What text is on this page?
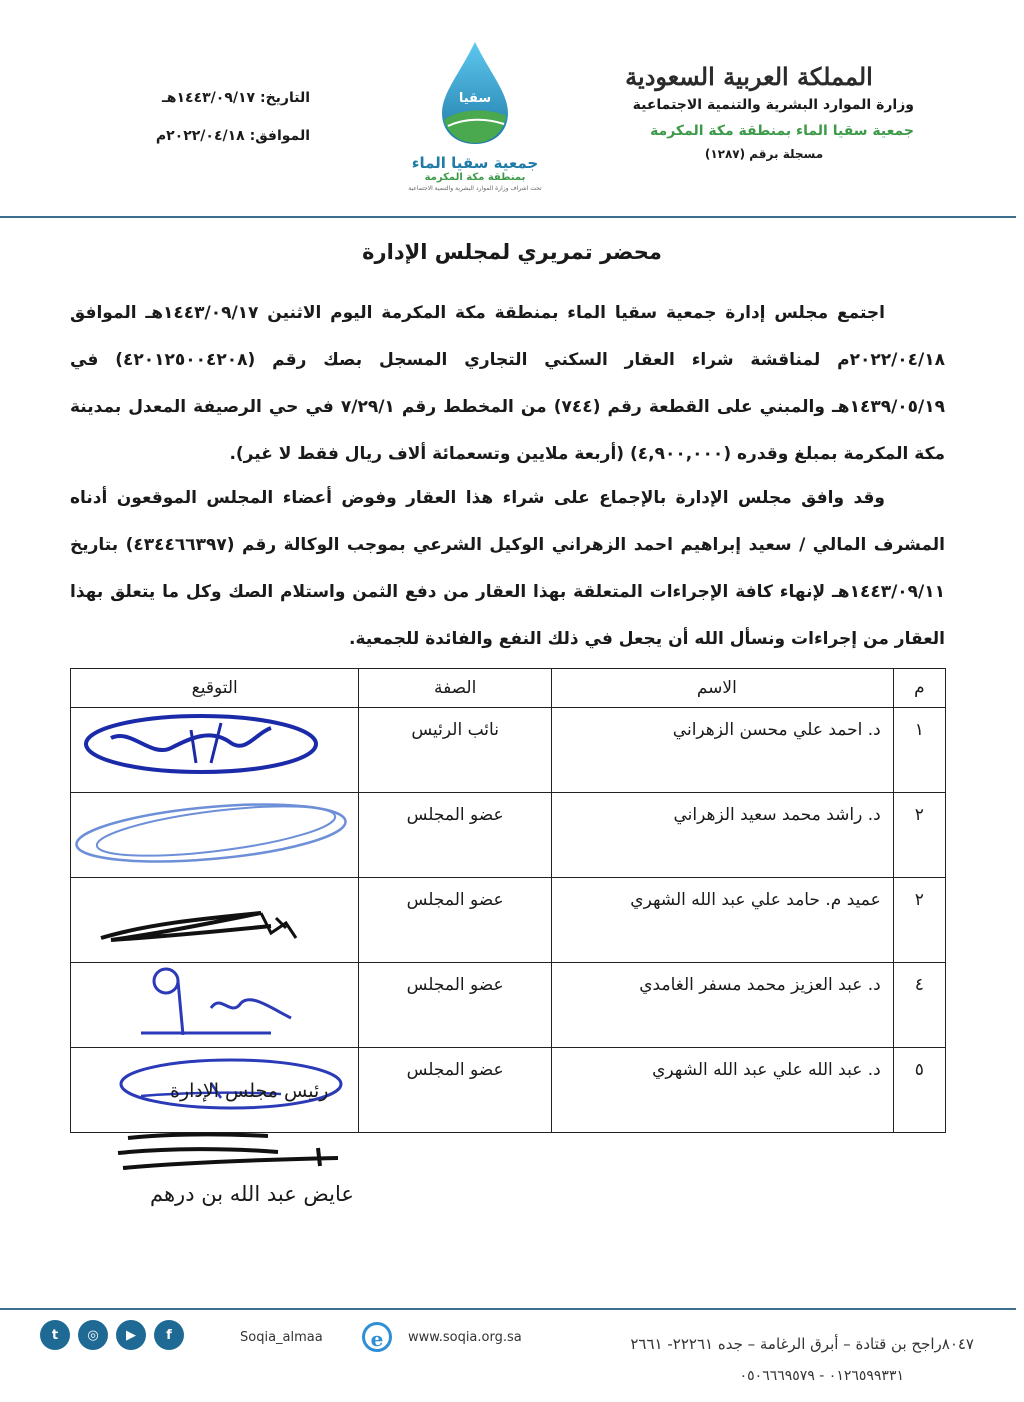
المملكة العربية السعودية
وزارة الموارد البشرية والتنمية الاجتماعية
جمعية سقيا الماء بمنطقة مكة المكرمة
مسجلة برقم (١٢٨٧)
سقيا
جمعية سقيا الماء
بمنطقة مكة المكرمة
تحت اشراف وزارة الموارد البشرية والتنمية الاجتماعية
التاريخ: ١٤٤٣/٠٩/١٧هـ
الموافق: ٢٠٢٢/٠٤/١٨م
محضر تمريري لمجلس الإدارة
اجتمع مجلس إدارة جمعية سقيا الماء بمنطقة مكة المكرمة اليوم الاثنين ١٤٤٣/٠٩/١٧هـ الموافق ٢٠٢٢/٠٤/١٨م لمناقشة شراء العقار السكني التجاري المسجل بصك رقم (٤٢٠١٢٥٠٠٤٢٠٨) في ١٤٣٩/٠٥/١٩هـ والمبني على القطعة رقم (٧٤٤) من المخطط رقم ٧/٢٩/١ في حي الرصيفة المعدل بمدينة مكة المكرمة بمبلغ وقدره (٤,٩٠٠,٠٠٠) (أربعة ملايين وتسعمائة ألاف ريال فقط لا غير).
وقد وافق مجلس الإدارة بالإجماع على شراء هذا العقار وفوض أعضاء المجلس الموقعون أدناه المشرف المالي / سعيد إبراهيم احمد الزهراني الوكيل الشرعي بموجب الوكالة رقم (٤٣٤٤٦٦٣٩٧) بتاريخ ١٤٤٣/٠٩/١١هـ لإنهاء كافة الإجراءات المتعلقة بهذا العقار من دفع الثمن واستلام الصك وكل ما يتعلق بهذا العقار من إجراءات ونسأل الله أن يجعل في ذلك النفع والفائدة للجمعية.
م	الاسم	الصفة	التوقيع
١	د. احمد علي محسن الزهراني	نائب الرئيس	

٢	د. راشد محمد سعيد الزهراني	عضو المجلس	

٢	عميد م. حامد علي عبد الله الشهري	عضو المجلس	

٤	د. عبد العزيز محمد مسفر الغامدي	عضو المجلس	

٥	د. عبد الله علي عبد الله الشهري	عضو المجلس	
رئيس مجلس الإدارة
عايض عبد الله بن درهم
t	◎	▶	f	Soqia_almaa	e	www.soqia.org.sa	٨٠٤٧راجح بن قتادة – أبرق الرغامة – جده ٢٢٢٦١- ٢٦٦١
٠١٢٦٥٩٩٣٣١ - ٠٥٠٦٦٦٩٥٧٩
